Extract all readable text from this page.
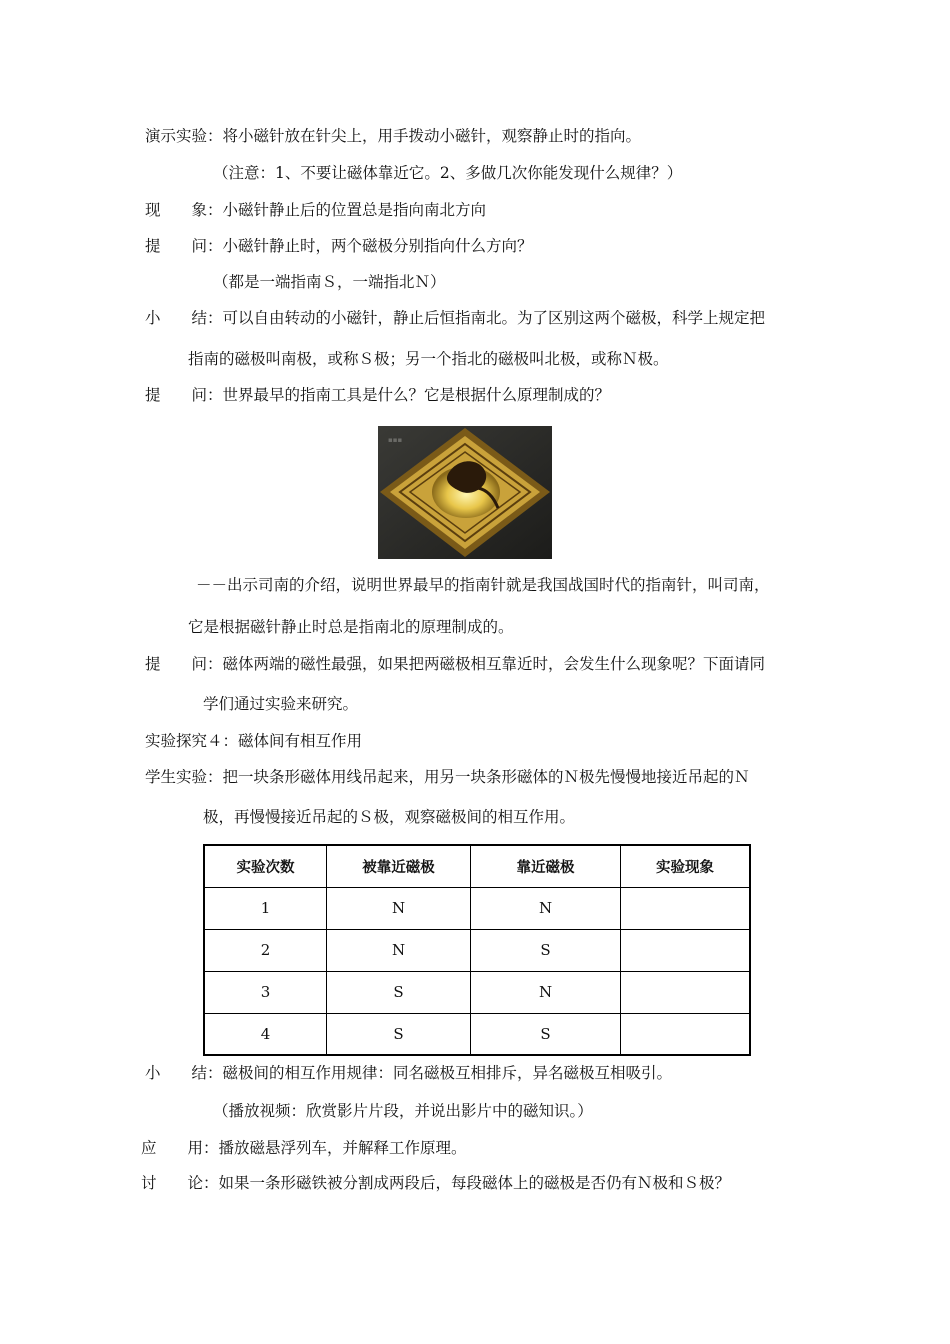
演示实验：将小磁针放在针尖上，用手拨动小磁针，观察静止时的指向。
（注意：1、不要让磁体靠近它。2、多做几次你能发现什么规律？）
现　　象：小磁针静止后的位置总是指向南北方向
提　　问：小磁针静止时，两个磁极分别指向什么方向？
（都是一端指南Ｓ，一端指北Ｎ）
小　　结：可以自由转动的小磁针，静止后恒指南北。为了区别这两个磁极，科学上规定把
指南的磁极叫南极，或称Ｓ极；另一个指北的磁极叫北极，或称Ｎ极。
提　　问：世界最早的指南工具是什么？它是根据什么原理制成的？
▪▪▪
－－出示司南的介绍，说明世界最早的指南针就是我国战国时代的指南针，叫司南，
它是根据磁针静止时总是指南北的原理制成的。
提　　问：磁体两端的磁性最强，如果把两磁极相互靠近时，会发生什么现象呢？下面请同
学们通过实验来研究。
实验探究４：磁体间有相互作用
学生实验：把一块条形磁体用线吊起来，用另一块条形磁体的Ｎ极先慢慢地接近吊起的Ｎ
极，再慢慢接近吊起的Ｓ极，观察磁极间的相互作用。
实验次数	被靠近磁极	靠近磁极	实验现象
1	N	N	
2	N	S	
3	S	N	
4	S	S	
小　　结：磁极间的相互作用规律：同名磁极互相排斥，异名磁极互相吸引。
（播放视频：欣赏影片片段，并说出影片中的磁知识。）
应　　用：播放磁悬浮列车，并解释工作原理。
讨　　论：如果一条形磁铁被分割成两段后，每段磁体上的磁极是否仍有Ｎ极和Ｓ极？
